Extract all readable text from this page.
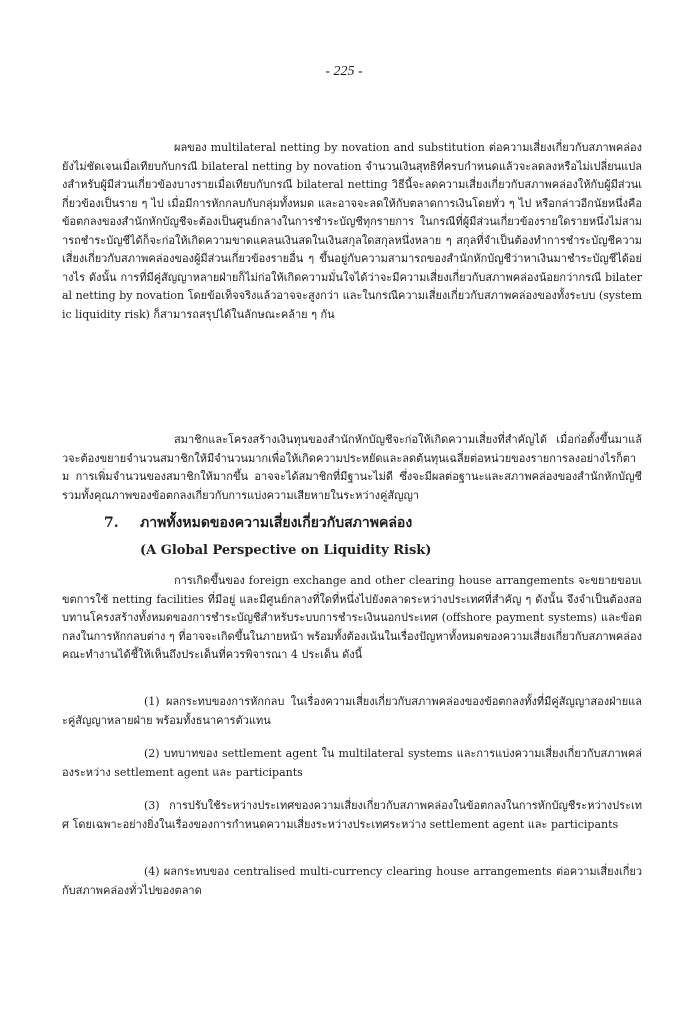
- 225 -

ผลของ multilateral netting by novation and substitution ต่อความเสี่ยงเกี่ยวกับสภาพคล่องยังไม่ชัดเจนเมื่อเทียบกับกรณี bilateral netting by novation จำนวนเงินสุทธิที่ครบกำหนดแล้วจะลดลงหรือไม่เปลี่ยนแปลงสำหรับผู้มีส่วนเกี่ยวข้องบางรายเมื่อเทียบกับกรณี bilateral netting วิธีนี้จะลดความเสี่ยงเกี่ยวกับสภาพคล่องให้กับผู้มีส่วนเกี่ยวข้องเป็นราย ๆ ไป เมื่อมีการหักกลบกับกลุ่มทั้งหมด และอาจจะลดให้กับตลาดการเงินโดยทั่ว ๆ ไป หรือกล่าวอีกนัยหนึ่งคือข้อตกลงของสำนักหักบัญชีจะต้องเป็นศูนย์กลางในการชำระบัญชีทุกรายการ ในกรณีที่ผู้มีส่วนเกี่ยวข้องรายใดรายหนึ่งไม่สามารถชำระบัญชีได้ก็จะก่อให้เกิดความขาดแคลนเงินสดในเงินสกุลใดสกุลหนึ่งหลาย ๆ สกุลที่จำเป็นต้องทำการชำระบัญชีความเสี่ยงเกี่ยวกับสภาพคล่องของผู้มีส่วนเกี่ยวข้องรายอื่น ๆ ขึ้นอยู่กับความสามารถของสำนักหักบัญชีว่าหาเงินมาชำระบัญชีได้อย่างไร ดังนั้น การที่มีคู่สัญญาหลายฝ่ายก็ไม่ก่อให้เกิดความมั่นใจได้ว่าจะมีความเสี่ยงเกี่ยวกับสภาพคล่องน้อยกว่ากรณี bilateral netting by novation โดยข้อเท็จจริงแล้วอาจจะสูงกว่า และในกรณีความเสี่ยงเกี่ยวกับสภาพคล่องของทั้งระบบ (systemic liquidity risk) ก็สามารถสรุปได้ในลักษณะคล้าย ๆ กัน

สมาชิกและโครงสร้างเงินทุนของสำนักหักบัญชีจะก่อให้เกิดความเสี่ยงที่สำคัญได้ เมื่อก่อตั้งขึ้นมาแล้วจะต้องขยายจำนวนสมาชิกให้มีจำนวนมากเพื่อให้เกิดความประหยัดและลดต้นทุนเฉลี่ยต่อหน่วยของรายการลงอย่างไรก็ตาม การเพิ่มจำนวนของสมาชิกให้มากขึ้น อาจจะได้สมาชิกที่มีฐานะไม่ดี ซึ่งจะมีผลต่อฐานะและสภาพคล่องของสำนักหักบัญชี รวมทั้งคุณภาพของข้อตกลงเกี่ยวกับการแบ่งความเสียหายในระหว่างคู่สัญญา

7.	ภาพทั้งหมดของความเสี่ยงเกี่ยวกับสภาพคล่อง
(A Global Perspective on Liquidity Risk)

การเกิดขึ้นของ foreign exchange and other clearing house arrangements จะขยายขอบเขตการใช้ netting facilities ที่มีอยู่ และมีศูนย์กลางที่ใดที่หนึ่งไปยังตลาดระหว่างประเทศที่สำคัญ ๆ ดังนั้น จึงจำเป็นต้องสอบทานโครงสร้างทั้งหมดของการชำระบัญชีสำหรับระบบการชำระเงินนอกประเทศ (offshore payment systems) และข้อตกลงในการหักกลบต่าง ๆ ที่อาจจะเกิดขึ้นในภายหน้า พร้อมทั้งต้องเน้นในเรื่องปัญหาทั้งหมดของความเสี่ยงเกี่ยวกับสภาพคล่อง คณะทำงานได้ชี้ให้เห็นถึงประเด็นที่ควรพิจารณา 4 ประเด็น ดังนี้

(1) ผลกระทบของการหักกลบ ในเรื่องความเสี่ยงเกี่ยวกับสภาพคล่องของข้อตกลงทั้งที่มีคู่สัญญาสองฝ่ายและคู่สัญญาหลายฝ่าย พร้อมทั้งธนาคารตัวแทน

(2) บทบาทของ settlement agent ใน multilateral systems และการแบ่งความเสี่ยงเกี่ยวกับสภาพคล่องระหว่าง settlement agent และ participants

(3) การปรับใช้ระหว่างประเทศของความเสี่ยงเกี่ยวกับสภาพคล่องในข้อตกลงในการหักบัญชีระหว่างประเทศ โดยเฉพาะอย่างยิ่งในเรื่องของการกำหนดความเสี่ยงระหว่างประเทศระหว่าง settlement agent และ participants

(4) ผลกระทบของ centralised multi-currency clearing house arrangements ต่อความเสี่ยงเกี่ยวกับสภาพคล่องทั่วไปของตลาด
